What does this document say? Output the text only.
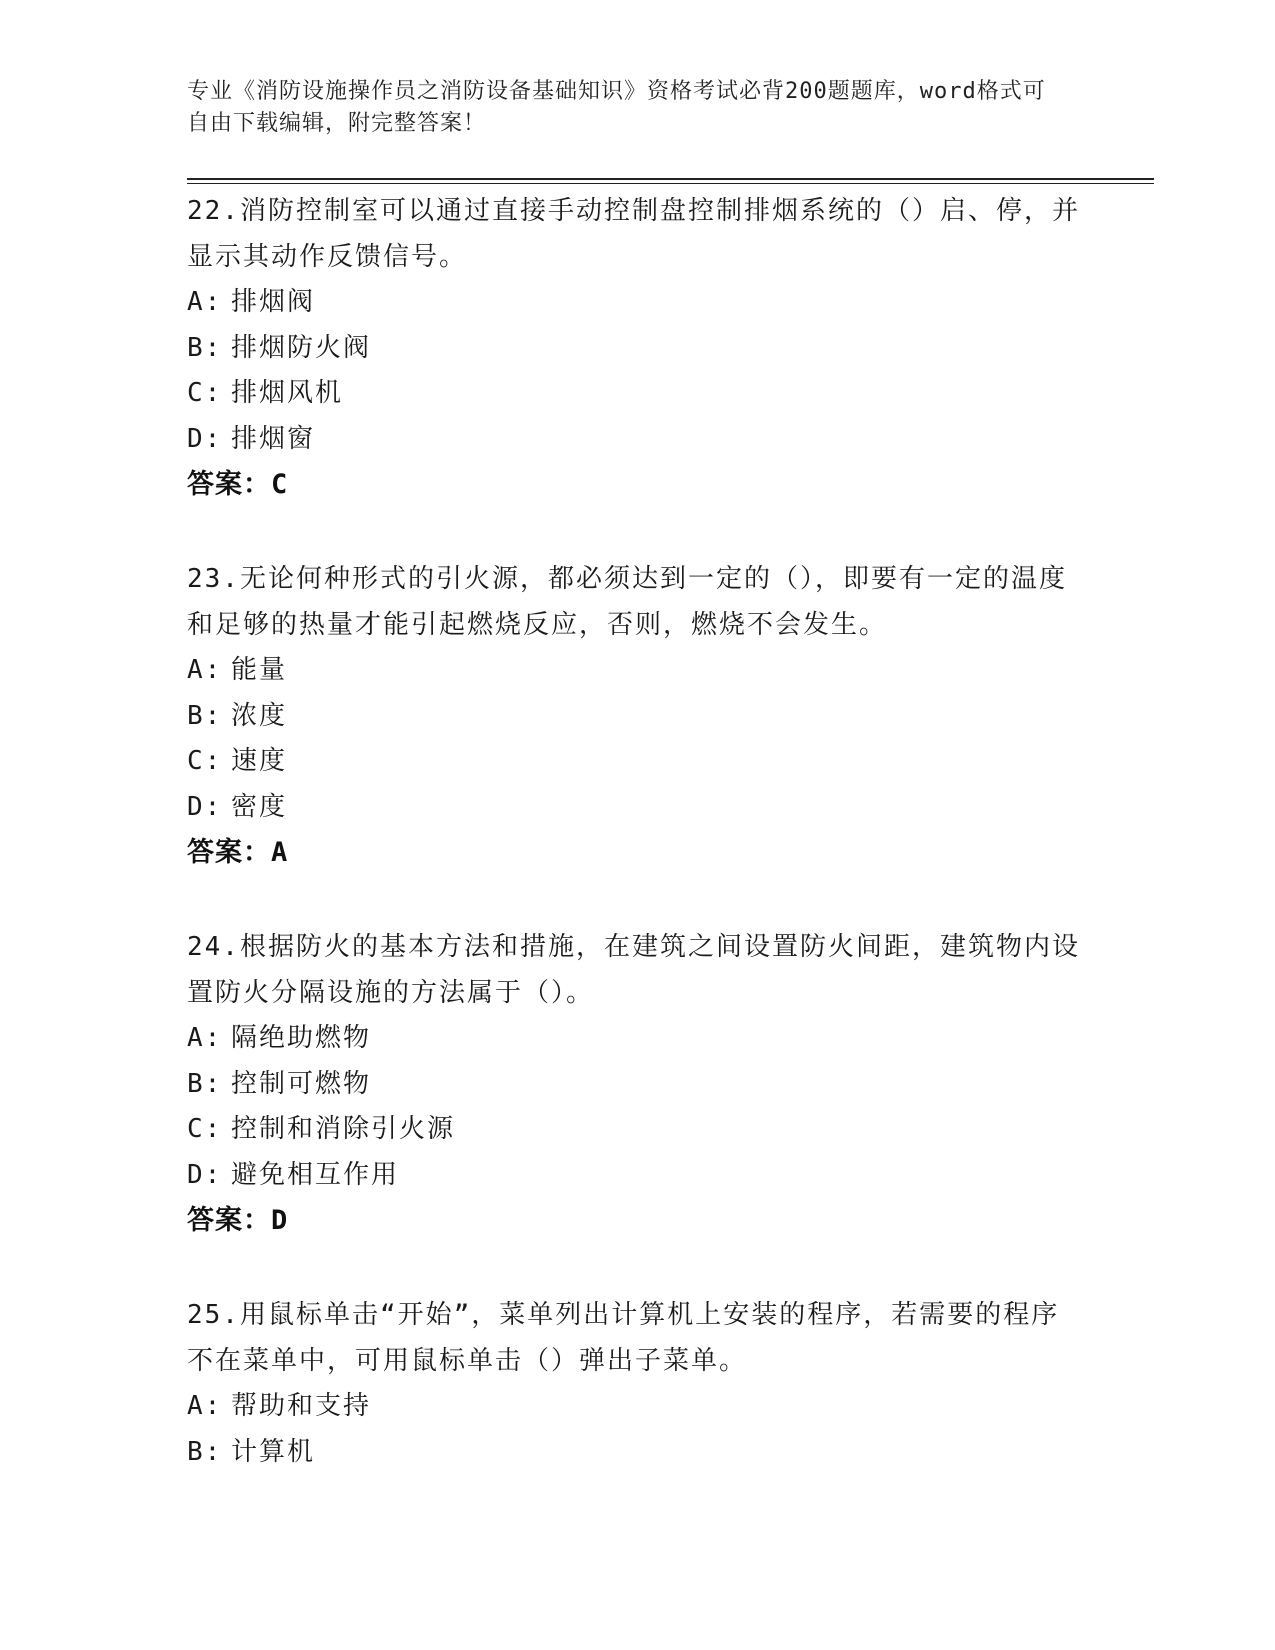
专业《消防设施操作员之消防设备基础知识》资格考试必背200题题库，word格式可自由下载编辑，附完整答案！
22.消防控制室可以通过直接手动控制盘控制排烟系统的（）启、停，并显示其动作反馈信号。
A: 排烟阀
B: 排烟防火阀
C: 排烟风机
D: 排烟窗
答案：C
23.无论何种形式的引火源，都必须达到一定的（），即要有一定的温度和足够的热量才能引起燃烧反应，否则，燃烧不会发生。
A: 能量
B: 浓度
C: 速度
D: 密度
答案：A
24.根据防火的基本方法和措施，在建筑之间设置防火间距，建筑物内设置防火分隔设施的方法属于（）。
A: 隔绝助燃物
B: 控制可燃物
C: 控制和消除引火源
D: 避免相互作用
答案：D
25.用鼠标单击“开始”，菜单列出计算机上安装的程序，若需要的程序不在菜单中，可用鼠标单击（）弹出子菜单。
A: 帮助和支持
B: 计算机
